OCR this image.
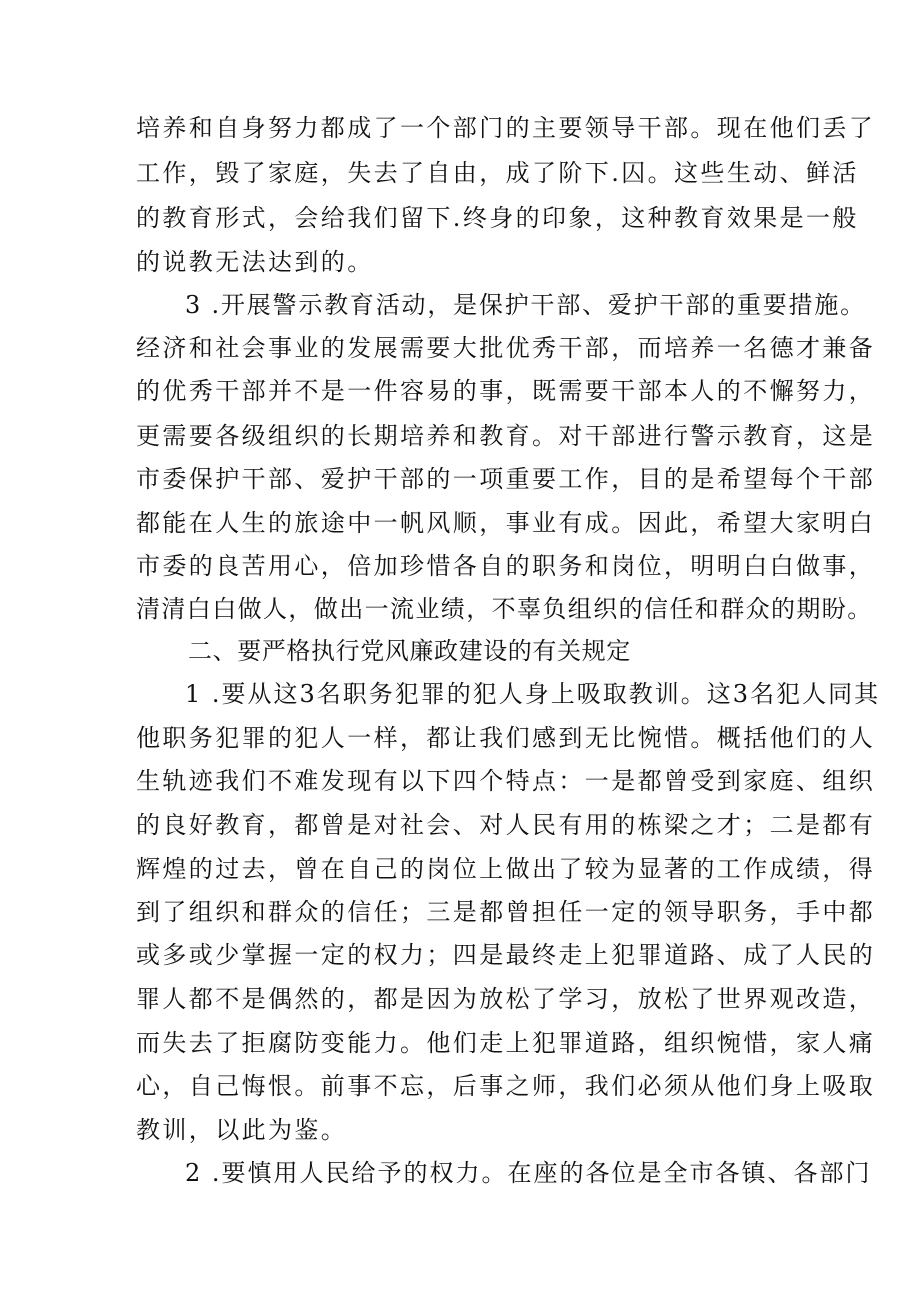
培养和自身努力都成了一个部门的主要领导干部。现在他们丢了

工作，毁了家庭，失去了自由，成了阶下.囚。这些生动、鲜活

的教育形式，会给我们留下.终身的印象，这种教育效果是一般

的说教无法达到的。

3 .开展警示教育活动，是保护干部、爱护干部的重要措施。

经济和社会事业的发展需要大批优秀干部，而培养一名德才兼备

的优秀干部并不是一件容易的事，既需要干部本人的不懈努力，

更需要各级组织的长期培养和教育。对干部进行警示教育，这是

市委保护干部、爱护干部的一项重要工作，目的是希望每个干部

都能在人生的旅途中一帆风顺，事业有成。因此，希望大家明白

市委的良苦用心，倍加珍惜各自的职务和岗位，明明白白做事，

清清白白做人，做出一流业绩，不辜负组织的信任和群众的期盼。

二、要严格执行党风廉政建设的有关规定

1 .要从这3名职务犯罪的犯人身上吸取教训。这3名犯人同其

他职务犯罪的犯人一样，都让我们感到无比惋惜。概括他们的人

生轨迹我们不难发现有以下四个特点：一是都曾受到家庭、组织

的良好教育，都曾是对社会、对人民有用的栋梁之才；二是都有

辉煌的过去，曾在自己的岗位上做出了较为显著的工作成绩，得

到了组织和群众的信任；三是都曾担任一定的领导职务，手中都

或多或少掌握一定的权力；四是最终走上犯罪道路、成了人民的

罪人都不是偶然的，都是因为放松了学习，放松了世界观改造，

而失去了拒腐防变能力。他们走上犯罪道路，组织惋惜，家人痛

心，自己悔恨。前事不忘，后事之师，我们必须从他们身上吸取

教训，以此为鉴。

2 .要慎用人民给予的权力。在座的各位是全市各镇、各部门
